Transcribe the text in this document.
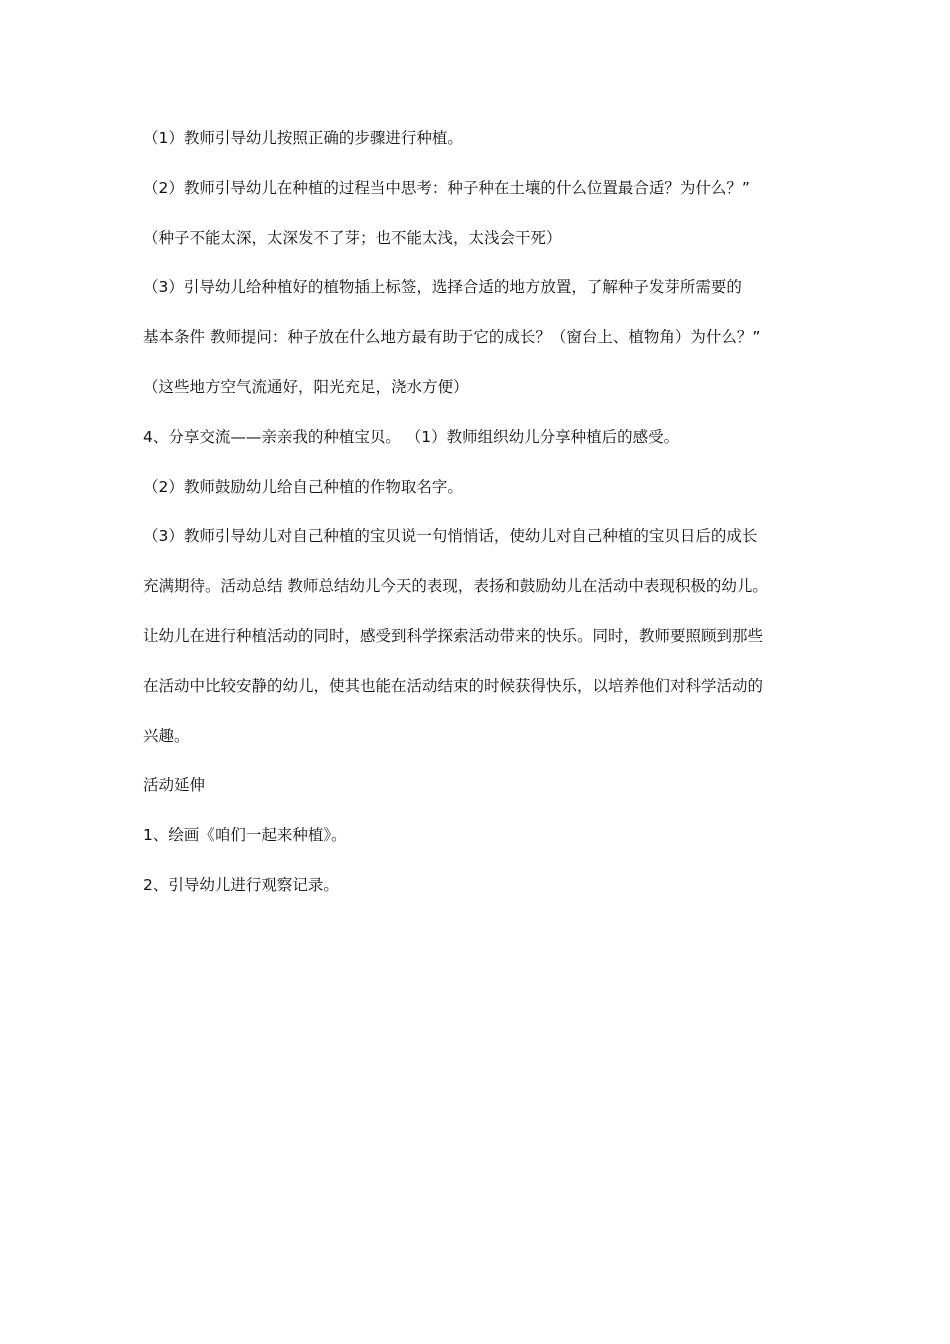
（1）教师引导幼儿按照正确的步骤进行种植。
（2）教师引导幼儿在种植的过程当中思考：种子种在土壤的什么位置最合适？为什么？”
（种子不能太深，太深发不了芽；也不能太浅，太浅会干死）
（3）引导幼儿给种植好的植物插上标签，选择合适的地方放置，了解种子发芽所需要的
基本条件 教师提问：种子放在什么地方最有助于它的成长？（窗台上、植物角）为什么？”
（这些地方空气流通好，阳光充足，浇水方便）
4、分享交流——亲亲我的种植宝贝。 （1）教师组织幼儿分享种植后的感受。
（2）教师鼓励幼儿给自己种植的作物取名字。
（3）教师引导幼儿对自己种植的宝贝说一句悄悄话，使幼儿对自己种植的宝贝日后的成长
充满期待。活动总结 教师总结幼儿今天的表现，表扬和鼓励幼儿在活动中表现积极的幼儿。
让幼儿在进行种植活动的同时，感受到科学探索活动带来的快乐。同时，教师要照顾到那些
在活动中比较安静的幼儿，使其也能在活动结束的时候获得快乐，以培养他们对科学活动的
兴趣。
活动延伸
1、绘画《咱们一起来种植》。
2、引导幼儿进行观察记录。
